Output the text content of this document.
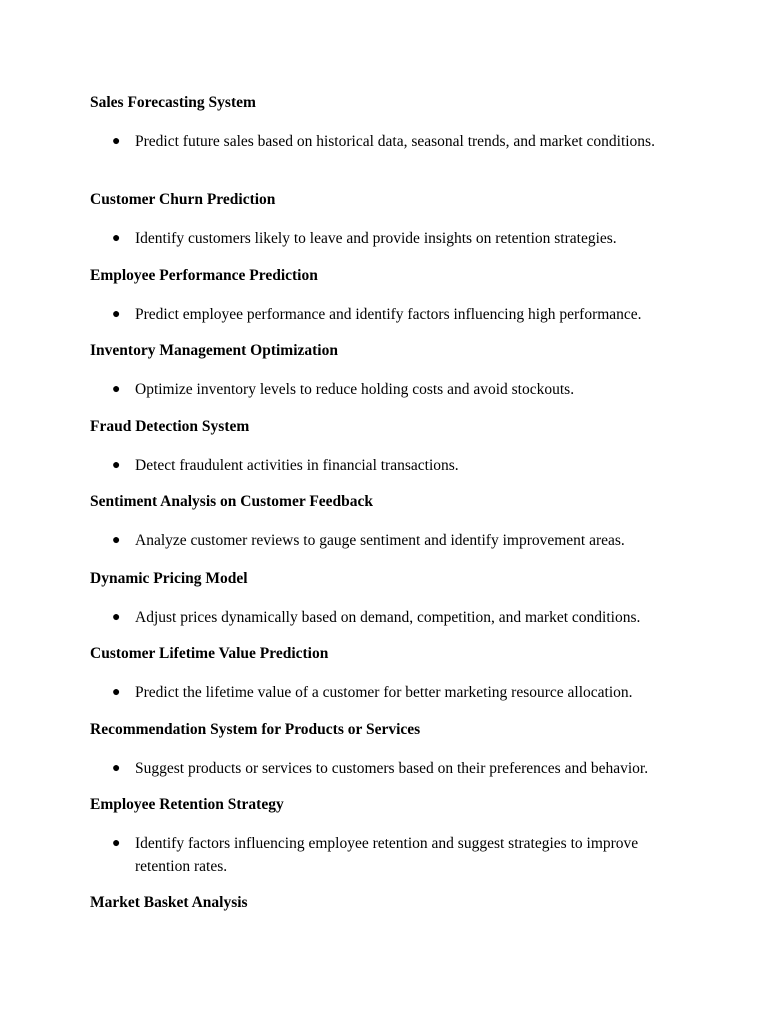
Sales Forecasting System
● Predict future sales based on historical data, seasonal trends, and market conditions.
Customer Churn Prediction
● Identify customers likely to leave and provide insights on retention strategies.
Employee Performance Prediction
● Predict employee performance and identify factors influencing high performance.
Inventory Management Optimization
● Optimize inventory levels to reduce holding costs and avoid stockouts.
Fraud Detection System
● Detect fraudulent activities in financial transactions.
Sentiment Analysis on Customer Feedback
● Analyze customer reviews to gauge sentiment and identify improvement areas.
Dynamic Pricing Model
● Adjust prices dynamically based on demand, competition, and market conditions.
Customer Lifetime Value Prediction
● Predict the lifetime value of a customer for better marketing resource allocation.
Recommendation System for Products or Services
● Suggest products or services to customers based on their preferences and behavior.
Employee Retention Strategy
● Identify factors influencing employee retention and suggest strategies to improve retention rates.
Market Basket Analysis
